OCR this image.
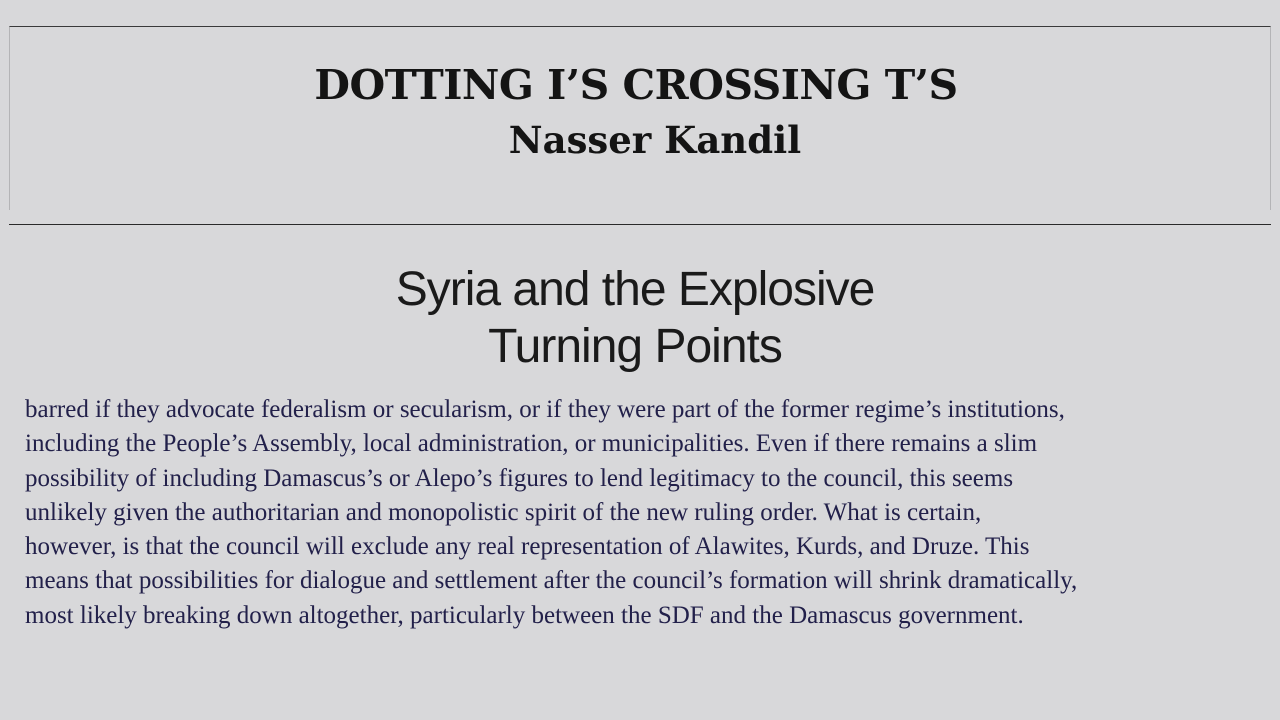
DOTTING I’S CROSSING T’S
Nasser Kandil
Syria and the Explosive
Turning Points
barred if they advocate federalism or secularism, or if they were part of the former regime’s institutions,
including the People’s Assembly, local administration, or municipalities. Even if there remains a slim
possibility of including Damascus’s or Alepo’s figures to lend legitimacy to the council, this seems
unlikely given the authoritarian and monopolistic spirit of the new ruling order. What is certain,
however, is that the council will exclude any real representation of Alawites, Kurds, and Druze. This
means that possibilities for dialogue and settlement after the council’s formation will shrink dramatically,
most likely breaking down altogether, particularly between the SDF and the Damascus government.
